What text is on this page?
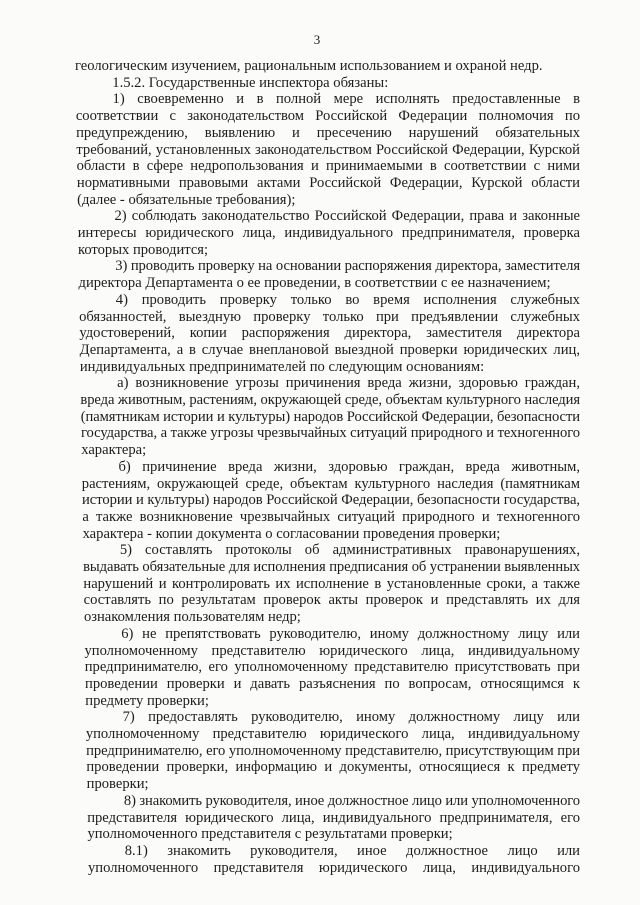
3
геологическим изучением, рациональным использованием и охраной недр.
1.5.2. Государственные инспектора обязаны:
1) своевременно и в полной мере исполнять предоставленные в
соответствии с законодательством Российской Федерации полномочия по
предупреждению, выявлению и пресечению нарушений обязательных
требований, установленных законодательством Российской Федерации, Курской
области в сфере недропользования и принимаемыми в соответствии с ними
нормативными правовыми актами Российской Федерации, Курской области
(далее - обязательные требования);
2) соблюдать законодательство Российской Федерации, права и законные
интересы юридического лица, индивидуального предпринимателя, проверка
которых проводится;
3) проводить проверку на основании распоряжения директора, заместителя
директора Департамента о ее проведении, в соответствии с ее назначением;
4) проводить проверку только во время исполнения служебных
обязанностей, выездную проверку только при предъявлении служебных
удостоверений, копии распоряжения директора, заместителя директора
Департамента, а в случае внеплановой выездной проверки юридических лиц,
индивидуальных предпринимателей по следующим основаниям:
а) возникновение угрозы причинения вреда жизни, здоровью граждан,
вреда животным, растениям, окружающей среде, объектам культурного наследия
(памятникам истории и культуры) народов Российской Федерации, безопасности
государства, а также угрозы чрезвычайных ситуаций природного и техногенного
характера;
б) причинение вреда жизни, здоровью граждан, вреда животным,
растениям, окружающей среде, объектам культурного наследия (памятникам
истории и культуры) народов Российской Федерации, безопасности государства,
а также возникновение чрезвычайных ситуаций природного и техногенного
характера - копии документа о согласовании проведения проверки;
5) составлять протоколы об административных правонарушениях,
выдавать обязательные для исполнения предписания об устранении выявленных
нарушений и контролировать их исполнение в установленные сроки, а также
составлять по результатам проверок акты проверок и представлять их для
ознакомления пользователям недр;
6) не препятствовать руководителю, иному должностному лицу или
уполномоченному представителю юридического лица, индивидуальному
предпринимателю, его уполномоченному представителю присутствовать при
проведении проверки и давать разъяснения по вопросам, относящимся к
предмету проверки;
7) предоставлять руководителю, иному должностному лицу или
уполномоченному представителю юридического лица, индивидуальному
предпринимателю, его уполномоченному представителю, присутствующим при
проведении проверки, информацию и документы, относящиеся к предмету
проверки;
8) знакомить руководителя, иное должностное лицо или уполномоченного
представителя юридического лица, индивидуального предпринимателя, его
уполномоченного представителя с результатами проверки;
8.1) знакомить руководителя, иное должностное лицо или
уполномоченного представителя юридического лица, индивидуального
